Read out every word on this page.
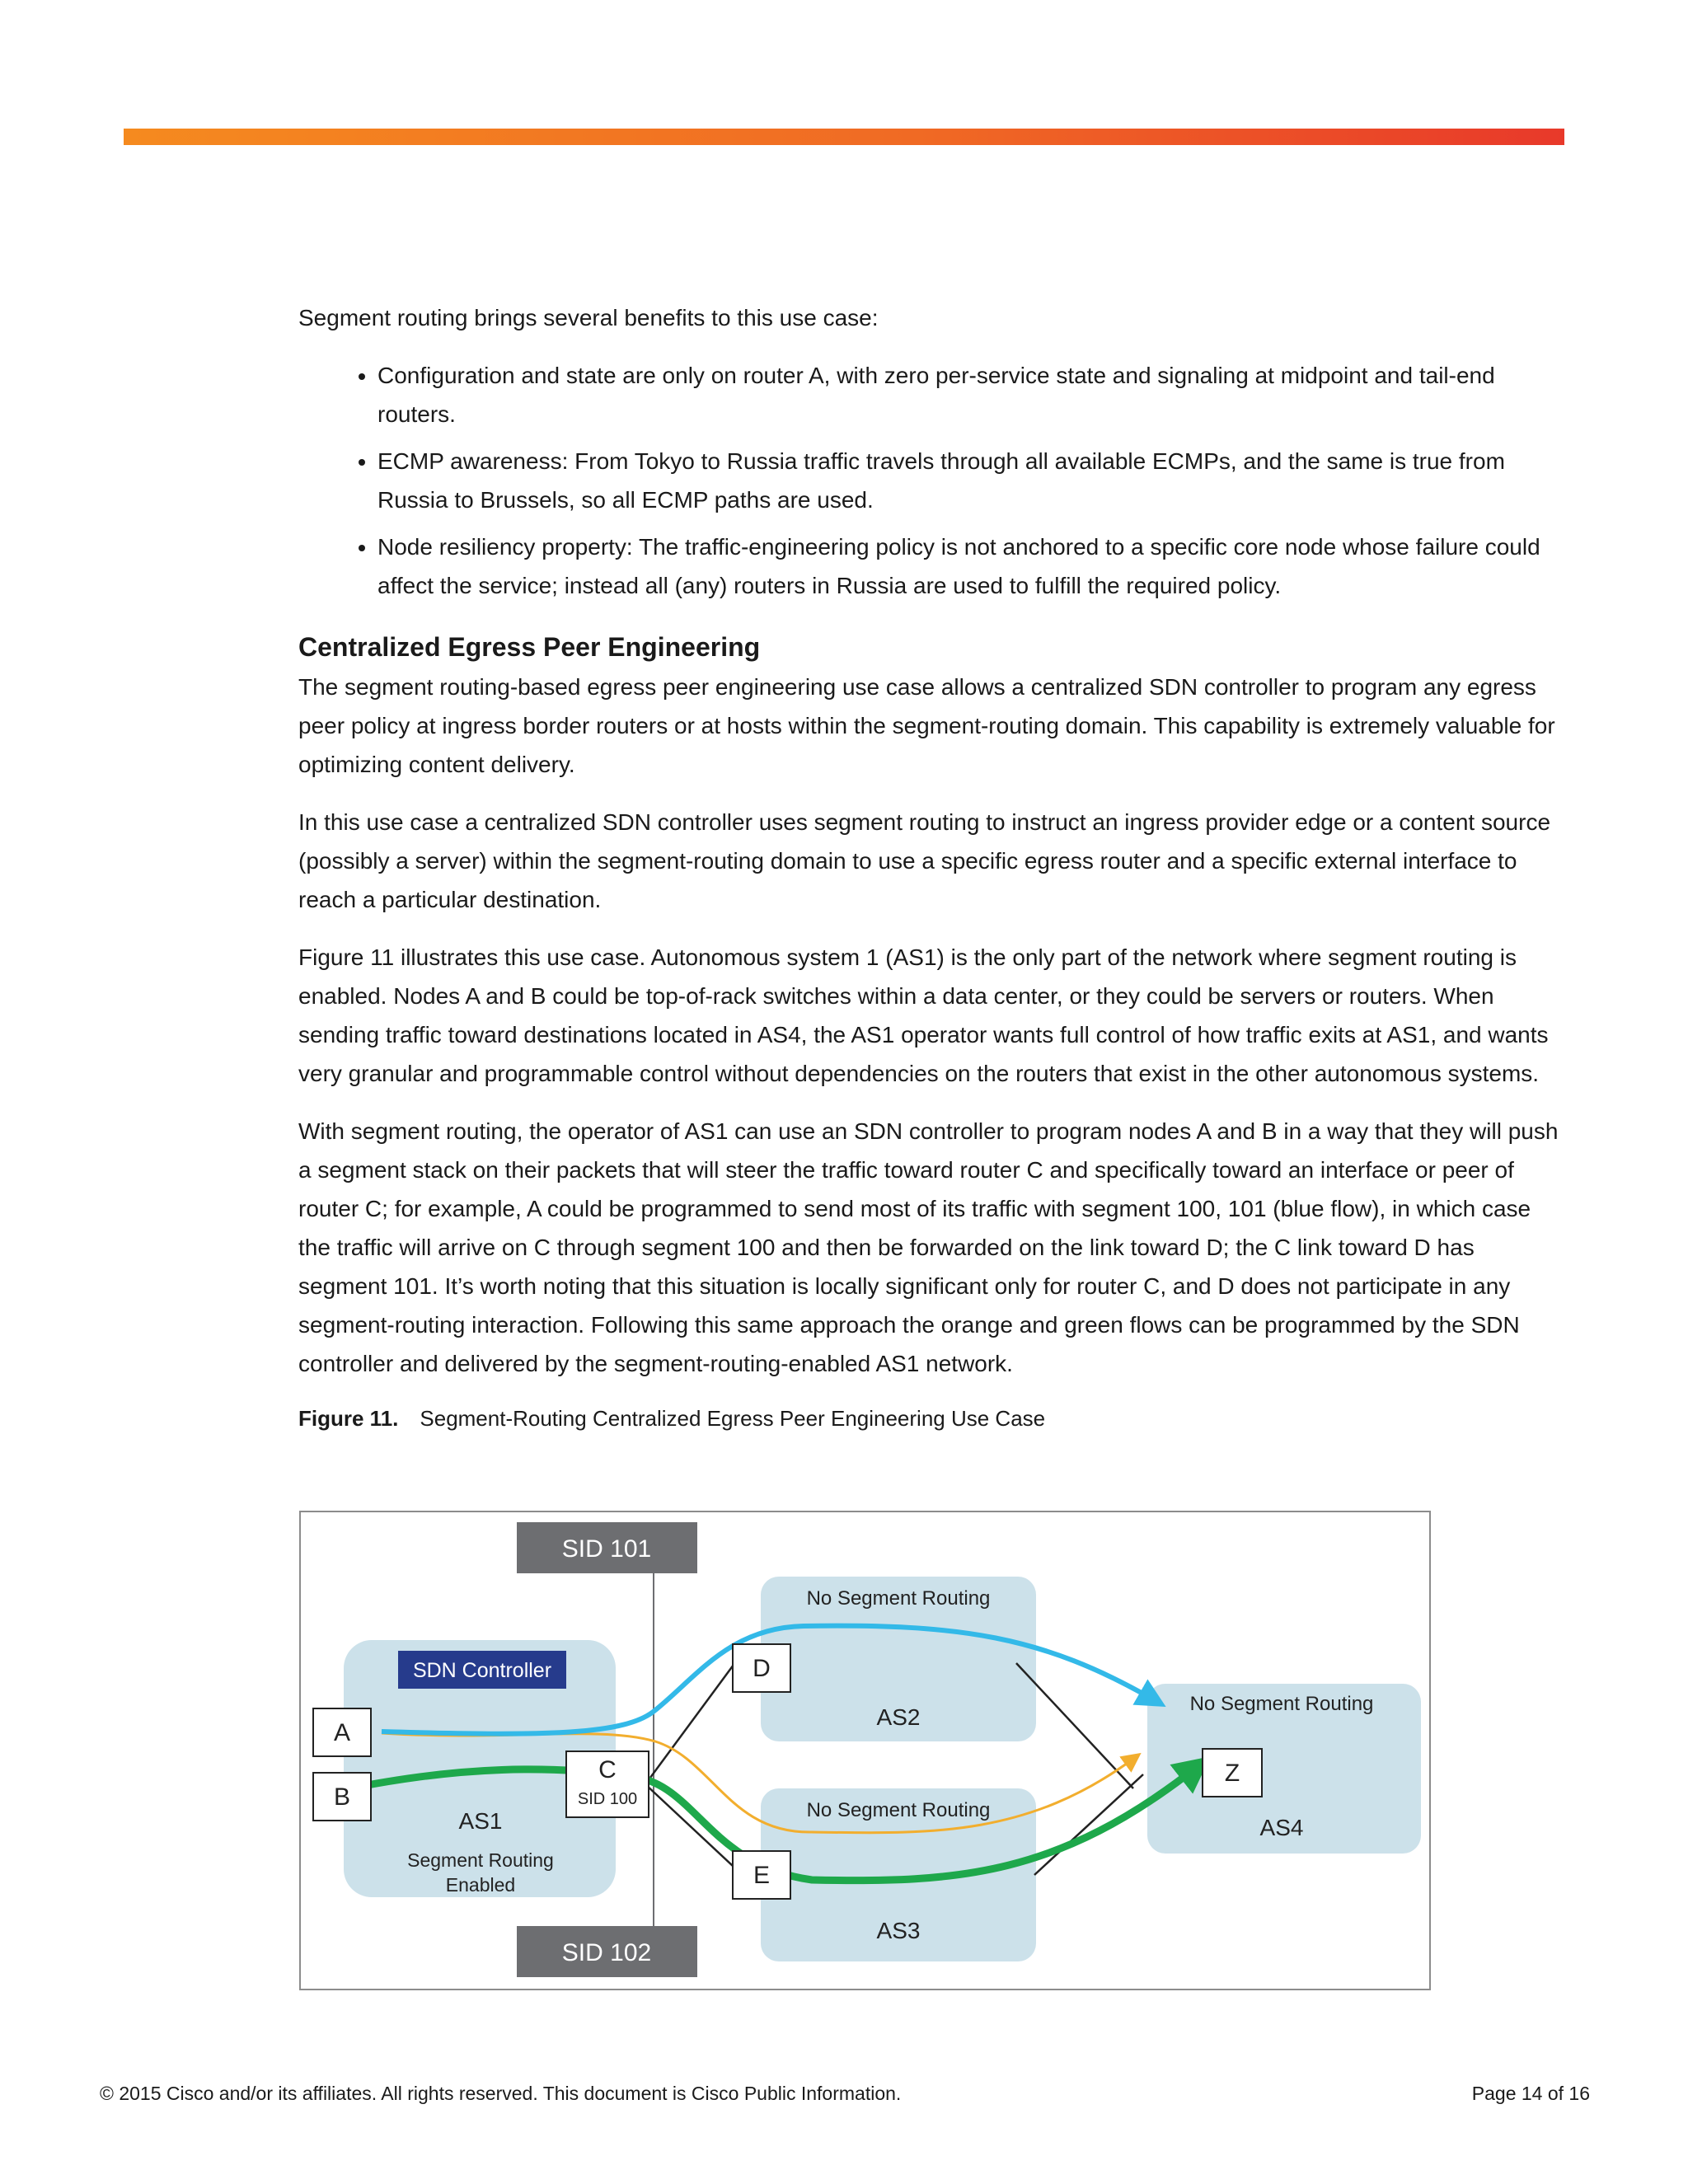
Segment routing brings several benefits to this use case:

• Configuration and state are only on router A, with zero per-service state and signaling at midpoint and tail-end routers.
• ECMP awareness: From Tokyo to Russia traffic travels through all available ECMPs, and the same is true from Russia to Brussels, so all ECMP paths are used.
• Node resiliency property: The traffic-engineering policy is not anchored to a specific core node whose failure could affect the service; instead all (any) routers in Russia are used to fulfill the required policy.
Centralized Egress Peer Engineering

The segment routing-based egress peer engineering use case allows a centralized SDN controller to program any egress peer policy at ingress border routers or at hosts within the segment-routing domain. This capability is extremely valuable for optimizing content delivery.

In this use case a centralized SDN controller uses segment routing to instruct an ingress provider edge or a content source (possibly a server) within the segment-routing domain to use a specific egress router and a specific external interface to reach a particular destination.

Figure 11 illustrates this use case. Autonomous system 1 (AS1) is the only part of the network where segment routing is enabled. Nodes A and B could be top-of-rack switches within a data center, or they could be servers or routers. When sending traffic toward destinations located in AS4, the AS1 operator wants full control of how traffic exits at AS1, and wants very granular and programmable control without dependencies on the routers that exist in the other autonomous systems.

With segment routing, the operator of AS1 can use an SDN controller to program nodes A and B in a way that they will push a segment stack on their packets that will steer the traffic toward router C and specifically toward an interface or peer of router C; for example, A could be programmed to send most of its traffic with segment 100, 101 (blue flow), in which case the traffic will arrive on C through segment 100 and then be forwarded on the link toward D; the C link toward D has segment 101. It’s worth noting that this situation is locally significant only for router C, and D does not participate in any segment-routing interaction. Following this same approach the orange and green flows can be programmed by the SDN controller and delivered by the segment-routing-enabled AS1 network.

Figure 11. Segment-Routing Centralized Egress Peer Engineering Use Case
SID 101
SID 102
SDN Controller
AS1
Segment Routing
Enabled
No Segment Routing
AS2
No Segment Routing
AS3
No Segment Routing
AS4
A
B
C
SID 100
D
E
Z
© 2015 Cisco and/or its affiliates. All rights reserved. This document is Cisco Public Information.	Page 14 of 16
